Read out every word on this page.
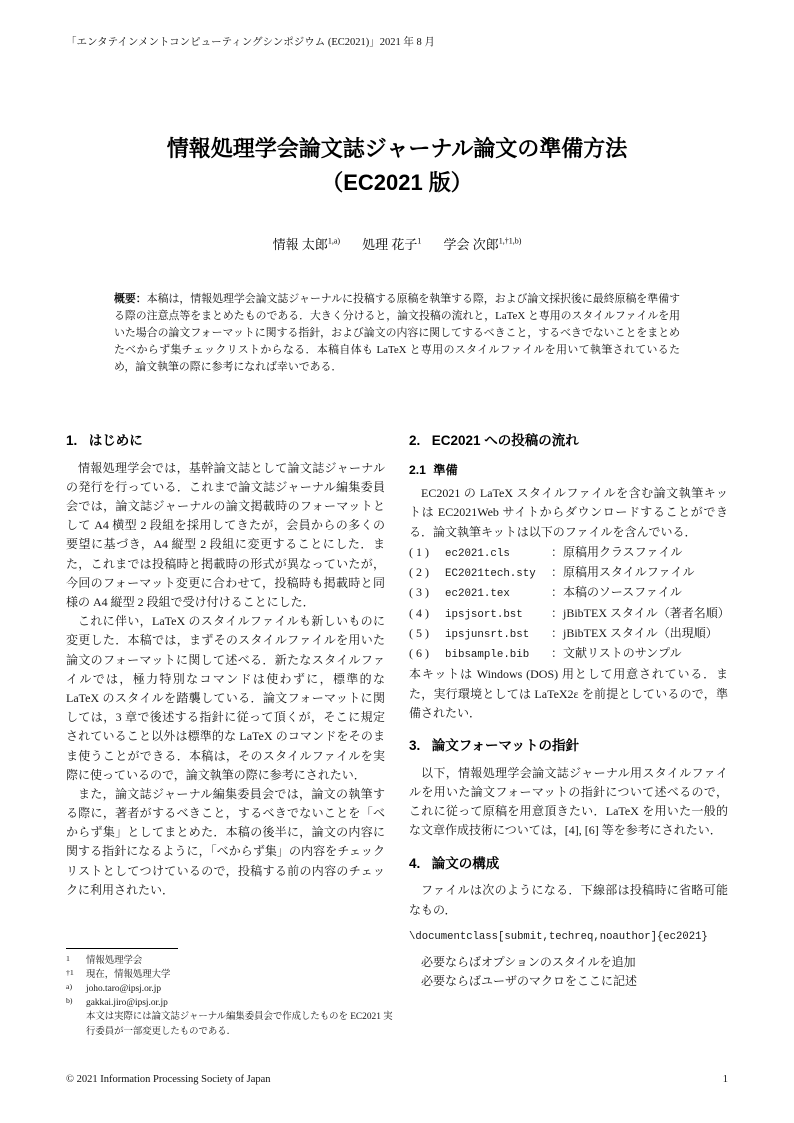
「エンタテインメントコンピューティングシンポジウム (EC2021)」2021 年 8 月
情報処理学会論文誌ジャーナル論文の準備方法
（EC2021 版）
情報 太郎$^{1,a)}$ 処理 花子$^1$ 学会 次郎$^{1,\dagger 1,b)}$
概要：本稿は，情報処理学会論文誌ジャーナルに投稿する原稿を執筆する際，および論文採択後に最終原稿を準備する際の注意点等をまとめたものである．大きく分けると，論文投稿の流れと，LaTeX と専用のスタイルファイルを用いた場合の論文フォーマットに関する指針，および論文の内容に関してするべきこと，するべきでないことをまとめたべからず集チェックリストからなる．本稿自体も LaTeX と専用のスタイルファイルを用いて執筆されているため，論文執筆の際に参考になれば幸いである．
1. はじめに

情報処理学会では，基幹論文誌として論文誌ジャーナルの発行を行っている．これまで論文誌ジャーナル編集委員会では，論文誌ジャーナルの論文掲載時のフォーマットとして A4 横型 2 段組を採用してきたが，会員からの多くの要望に基づき，A4 縦型 2 段組に変更することにした．また，これまでは投稿時と掲載時の形式が異なっていたが，今回のフォーマット変更に合わせて，投稿時も掲載時と同様の A4 縦型 2 段組で受け付けることにした．

これに伴い，LaTeX のスタイルファイルも新しいものに変更した．本稿では，まずそのスタイルファイルを用いた論文のフォーマットに関して述べる．新たなスタイルファイルでは，極力特別なコマンドは使わずに，標準的な LaTeX のスタイルを踏襲している．論文フォーマットに関しては，3 章で後述する指針に従って頂くが，そこに規定されていること以外は標準的な LaTeX のコマンドをそのまま使うことができる．本稿は，そのスタイルファイルを実際に使っているので，論文執筆の際に参考にされたい．

また，論文誌ジャーナル編集委員会では，論文の執筆する際に，著者がするべきこと，するべきでないことを「べからず集」としてまとめた．本稿の後半に，論文の内容に関する指針になるように，「べからず集」の内容をチェックリストとしてつけているので，投稿する前の内容のチェックに利用されたい．

2. EC2021 への投稿の流れ
2.1 準備

EC2021 の LaTeX スタイルファイルを含む論文執筆キットは EC2021Web サイトからダウンロードすることができる．論文執筆キットは以下のファイルを含んでいる．

( 1 )	ec2021.cls	：原稿用クラスファイル
( 2 )	EC2021tech.sty	：原稿用スタイルファイル
( 3 )	ec2021.tex	：本稿のソースファイル
( 4 )	ipsjsort.bst	：jBibTEX スタイル（著者名順）
( 5 )	ipsjunsrt.bst	：jBibTEX スタイル（出現順）
( 6 )	bibsample.bib	：文献リストのサンプル

本キットは Windows (DOS) 用として用意されている．また，実行環境としては LaTeX2ε を前提としているので，準備されたい．

3. 論文フォーマットの指針

以下，情報処理学会論文誌ジャーナル用スタイルファイルを用いた論文フォーマットの指針について述べるので，これに従って原稿を用意頂きたい．LaTeX を用いた一般的な文章作成技術については，[4], [6] 等を参考にされたい．

4. 論文の構成

ファイルは次のようになる．下線部は投稿時に省略可能なもの．

\documentclass[submit,techreq,noauthor]{ec2021}

必要ならばオプションのスタイルを追加

必要ならばユーザのマクロをここに記述

1	情報処理学会
†1	現在，情報処理大学
a)	joho.taro@ipsj.or.jp
b)	gakkai.jiro@ipsj.or.jp
本文は実際には論文誌ジャーナル編集委員会で作成したものを EC2021 実行委員が一部変更したものである．
© 2021 Information Processing Society of Japan	1
